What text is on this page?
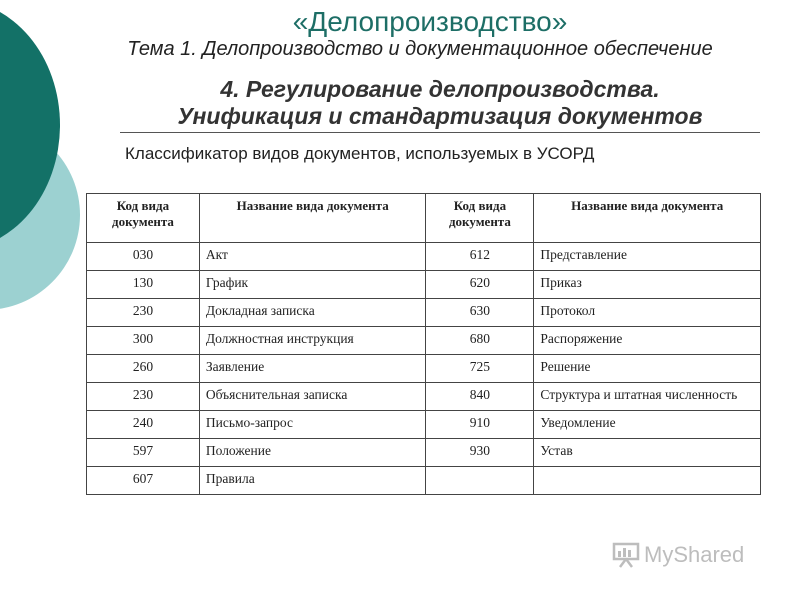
«Делопроизводство»
Тема 1. Делопроизводство и документационное обеспечение
4. Регулирование делопроизводства.
Унификация и стандартизация документов
Классификатор видов документов, используемых в УСОРД
Код вида документа	Название вида документа	Код вида документа	Название вида документа
030	Акт	612	Представление
130	График	620	Приказ
230	Докладная записка	630	Протокол
300	Должностная инструкция	680	Распоряжение
260	Заявление	725	Решение
230	Объяснительная записка	840	Структура и штатная численность
240	Письмо-запрос	910	Уведомление
597	Положение	930	Устав
607	Правила		
MyShared
